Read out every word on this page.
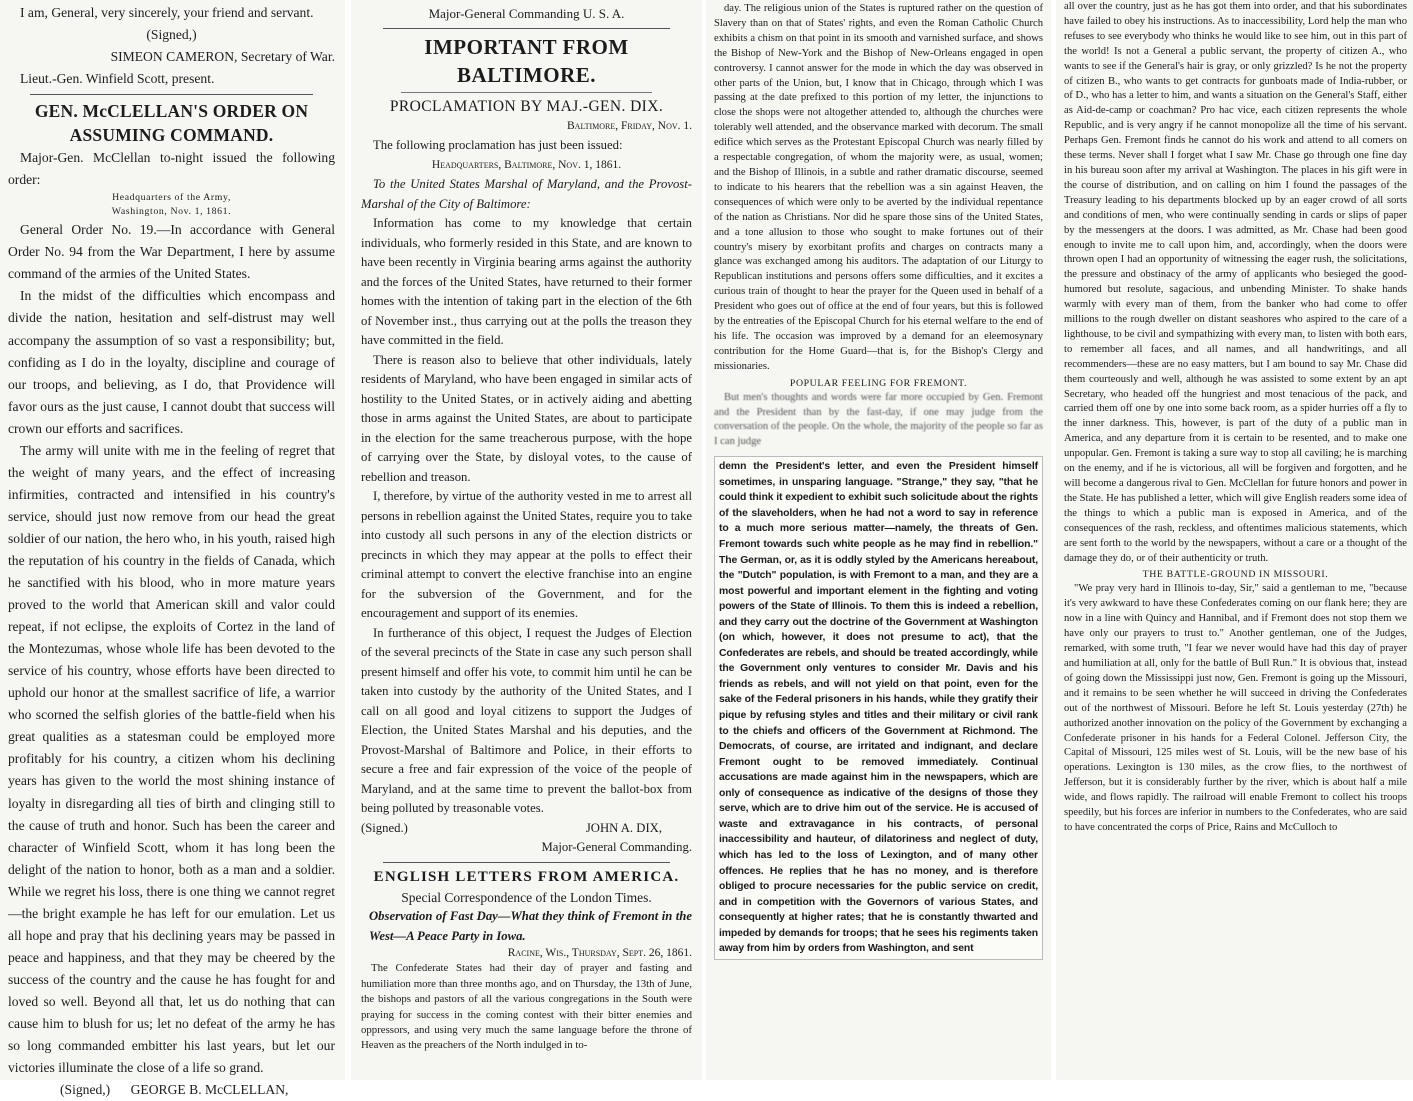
I am, General, very sincerely, your friend and servant.

(Signed,)

SIMEON CAMERON, Secretary of War.

Lieut.-Gen. Winfield Scott, present.

GEN. McCLELLAN'S ORDER ON ASSUMING COMMAND.

Major-Gen. McClellan to-night issued the following order:

Headquarters of the Army,

Washington, Nov. 1, 1861.

General Order No. 19.—In accordance with General Order No. 94 from the War Department, I here by assume command of the armies of the United States.

In the midst of the difficulties which encompass and divide the nation, hesitation and self-distrust may well accompany the assumption of so vast a responsibility; but, confiding as I do in the loyalty, discipline and courage of our troops, and believing, as I do, that Providence will favor ours as the just cause, I cannot doubt that success will crown our efforts and sacrifices.

The army will unite with me in the feeling of regret that the weight of many years, and the effect of increasing infirmities, contracted and intensified in his country's service, should just now remove from our head the great soldier of our nation, the hero who, in his youth, raised high the reputation of his country in the fields of Canada, which he sanctified with his blood, who in more mature years proved to the world that American skill and valor could repeat, if not eclipse, the exploits of Cortez in the land of the Montezumas, whose whole life has been devoted to the service of his country, whose efforts have been directed to uphold our honor at the smallest sacrifice of life, a warrior who scorned the selfish glories of the battle-field when his great qualities as a statesman could be employed more profitably for his country, a citizen whom his declining years has given to the world the most shining instance of loyalty in disregarding all ties of birth and clinging still to the cause of truth and honor. Such has been the career and character of Winfield Scott, whom it has long been the delight of the nation to honor, both as a man and a soldier. While we regret his loss, there is one thing we cannot regret—the bright example he has left for our emulation. Let us all hope and pray that his declining years may be passed in peace and happiness, and that they may be cheered by the success of the country and the cause he has fought for and loved so well. Beyond all that, let us do nothing that can cause him to blush for us; let no defeat of the army he has so long commanded embitter his last years, but let our victories illuminate the close of a life so grand.

(Signed,) GEORGE B. McCLELLAN,

Major-General Commanding U. S. A.

IMPORTANT FROM BALTIMORE.

PROCLAMATION BY MAJ.-GEN. DIX.

Baltimore, Friday, Nov. 1.

The following proclamation has just been issued:

Headquarters, Baltimore, Nov. 1, 1861.

To the United States Marshal of Maryland, and the Provost-Marshal of the City of Baltimore:

Information has come to my knowledge that certain individuals, who formerly resided in this State, and are known to have been recently in Virginia bearing arms against the authority and the forces of the United States, have returned to their former homes with the intention of taking part in the election of the 6th of November inst., thus carrying out at the polls the treason they have committed in the field.

There is reason also to believe that other individuals, lately residents of Maryland, who have been engaged in similar acts of hostility to the United States, or in actively aiding and abetting those in arms against the United States, are about to participate in the election for the same treacherous purpose, with the hope of carrying over the State, by disloyal votes, to the cause of rebellion and treason.

I, therefore, by virtue of the authority vested in me to arrest all persons in rebellion against the United States, require you to take into custody all such persons in any of the election districts or precincts in which they may appear at the polls to effect their criminal attempt to convert the elective franchise into an engine for the subversion of the Government, and for the encouragement and support of its enemies.

In furtherance of this object, I request the Judges of Election of the several precincts of the State in case any such person shall present himself and offer his vote, to commit him until he can be taken into custody by the authority of the United States, and I call on all good and loyal citizens to support the Judges of Election, the United States Marshal and his deputies, and the Provost-Marshal of Baltimore and Police, in their efforts to secure a free and fair expression of the voice of the people of Maryland, and at the same time to prevent the ballot-box from being polluted by treasonable votes.

(Signed.)	JOHN A. DIX,

Major-General Commanding.

ENGLISH LETTERS FROM AMERICA.

Special Correspondence of the London Times.

Observation of Fast Day—What they think of Fremont in the West—A Peace Party in Iowa.

Racine, Wis., Thursday, Sept. 26, 1861.

The Confederate States had their day of prayer and fasting and humiliation more than three months ago, and on Thursday, the 13th of June, the bishops and pastors of all the various congregations in the South were praying for success in the coming contest with their bitter enemies and oppressors, and using very much the same language before the throne of Heaven as the preachers of the North indulged in to-

day. The religious union of the States is ruptured rather on the question of Slavery than on that of States' rights, and even the Roman Catholic Church exhibits a chism on that point in its smooth and varnished surface, and shows the Bishop of New-York and the Bishop of New-Orleans engaged in open controversy. I cannot answer for the mode in which the day was observed in other parts of the Union, but, I know that in Chicago, through which I was passing at the date prefixed to this portion of my letter, the injunctions to close the shops were not altogether attended to, although the churches were tolerably well attended, and the observance marked with decorum. The small edifice which serves as the Protestant Episcopal Church was nearly filled by a respectable congregation, of whom the majority were, as usual, women; and the Bishop of Illinois, in a subtle and rather dramatic discourse, seemed to indicate to his hearers that the rebellion was a sin against Heaven, the consequences of which were only to be averted by the individual repentance of the nation as Christians. Nor did he spare those sins of the United States, and a tone allusion to those who sought to make fortunes out of their country's misery by exorbitant profits and charges on contracts many a glance was exchanged among his auditors. The adaptation of our Liturgy to Republican institutions and persons offers some difficulties, and it excites a curious train of thought to hear the prayer for the Queen used in behalf of a President who goes out of office at the end of four years, but this is followed by the entreaties of the Episcopal Church for his eternal welfare to the end of his life. The occasion was improved by a demand for an eleemosynary contribution for the Home Guard—that is, for the Bishop's Clergy and missionaries.

POPULAR FEELING FOR FREMONT.

But men's thoughts and words were far more occupied by Gen. Fremont and the President than by the fast-day, if one may judge from the conversation of the people. On the whole, the majority of the people so far as I can judge

demn the President's letter, and even the President himself sometimes, in unsparing language. "Strange," they say, "that he could think it expedient to exhibit such solicitude about the rights of the slaveholders, when he had not a word to say in reference to a much more serious matter—namely, the threats of Gen. Fremont towards such white people as he may find in rebellion." The German, or, as it is oddly styled by the Americans hereabout, the "Dutch" population, is with Fremont to a man, and they are a most powerful and important element in the fighting and voting powers of the State of Illinois. To them this is indeed a rebellion, and they carry out the doctrine of the Government at Washington (on which, however, it does not presume to act), that the Confederates are rebels, and should be treated accordingly, while the Government only ventures to consider Mr. Davis and his friends as rebels, and will not yield on that point, even for the sake of the Federal prisoners in his hands, while they gratify their pique by refusing styles and titles and their military or civil rank to the chiefs and officers of the Government at Richmond. The Democrats, of course, are irritated and indignant, and declare Fremont ought to be removed immediately. Continual accusations are made against him in the newspapers, which are only of consequence as indicative of the designs of those they serve, which are to drive him out of the service. He is accused of waste and extravagance in his contracts, of personal inaccessibility and hauteur, of dilatoriness and neglect of duty, which has led to the loss of Lexington, and of many other offences. He replies that he has no money, and is therefore obliged to procure necessaries for the public service on credit, and in competition with the Governors of various States, and consequently at higher rates; that he is constantly thwarted and impeded by demands for troops; that he sees his regiments taken away from him by orders from Washington, and sent

all over the country, just as he has got them into order, and that his subordinates have failed to obey his instructions. As to inaccessibility, Lord help the man who refuses to see everybody who thinks he would like to see him, out in this part of the world! Is not a General a public servant, the property of citizen A., who wants to see if the General's hair is gray, or only grizzled? Is he not the property of citizen B., who wants to get contracts for gunboats made of India-rubber, or of D., who has a letter to him, and wants a situation on the General's Staff, either as Aid-de-camp or coachman? Pro hac vice, each citizen represents the whole Republic, and is very angry if he cannot monopolize all the time of his servant. Perhaps Gen. Fremont finds he cannot do his work and attend to all comers on these terms. Never shall I forget what I saw Mr. Chase go through one fine day in his bureau soon after my arrival at Washington. The places in his gift were in the course of distribution, and on calling on him I found the passages of the Treasury leading to his departments blocked up by an eager crowd of all sorts and conditions of men, who were continually sending in cards or slips of paper by the messengers at the doors. I was admitted, as Mr. Chase had been good enough to invite me to call upon him, and, accordingly, when the doors were thrown open I had an opportunity of witnessing the eager rush, the solicitations, the pressure and obstinacy of the army of applicants who besieged the good-humored but resolute, sagacious, and unbending Minister. To shake hands warmly with every man of them, from the banker who had come to offer millions to the rough dweller on distant seashores who aspired to the care of a lighthouse, to be civil and sympathizing with every man, to listen with both ears, to remember all faces, and all names, and all handwritings, and all recommenders—these are no easy matters, but I am bound to say Mr. Chase did them courteously and well, although he was assisted to some extent by an apt Secretary, who headed off the hungriest and most tenacious of the pack, and carried them off one by one into some back room, as a spider hurries off a fly to the inner darkness. This, however, is part of the duty of a public man in America, and any departure from it is certain to be resented, and to make one unpopular. Gen. Fremont is taking a sure way to stop all caviling; he is marching on the enemy, and if he is victorious, all will be forgiven and forgotten, and he will become a dangerous rival to Gen. McClellan for future honors and power in the State. He has published a letter, which will give English readers some idea of the things to which a public man is exposed in America, and of the consequences of the rash, reckless, and oftentimes malicious statements, which are sent forth to the world by the newspapers, without a care or a thought of the damage they do, or of their authenticity or truth.

THE BATTLE-GROUND IN MISSOURI.

"We pray very hard in Illinois to-day, Sir," said a gentleman to me, "because it's very awkward to have these Confederates coming on our flank here; they are now in a line with Quincy and Hannibal, and if Fremont does not stop them we have only our prayers to trust to." Another gentleman, one of the Judges, remarked, with some truth, "I fear we never would have had this day of prayer and humiliation at all, only for the battle of Bull Run." It is obvious that, instead of going down the Mississippi just now, Gen. Fremont is going up the Missouri, and it remains to be seen whether he will succeed in driving the Confederates out of the northwest of Missouri. Before he left St. Louis yesterday (27th) he authorized another innovation on the policy of the Government by exchanging a Confederate prisoner in his hands for a Federal Colonel. Jefferson City, the Capital of Missouri, 125 miles west of St. Louis, will be the new base of his operations. Lexington is 130 miles, as the crow flies, to the northwest of Jefferson, but it is considerably further by the river, which is about half a mile wide, and flows rapidly. The railroad will enable Fremont to collect his troops speedily, but his forces are inferior in numbers to the Confederates, who are said to have concentrated the corps of Price, Rains and McCulloch to
